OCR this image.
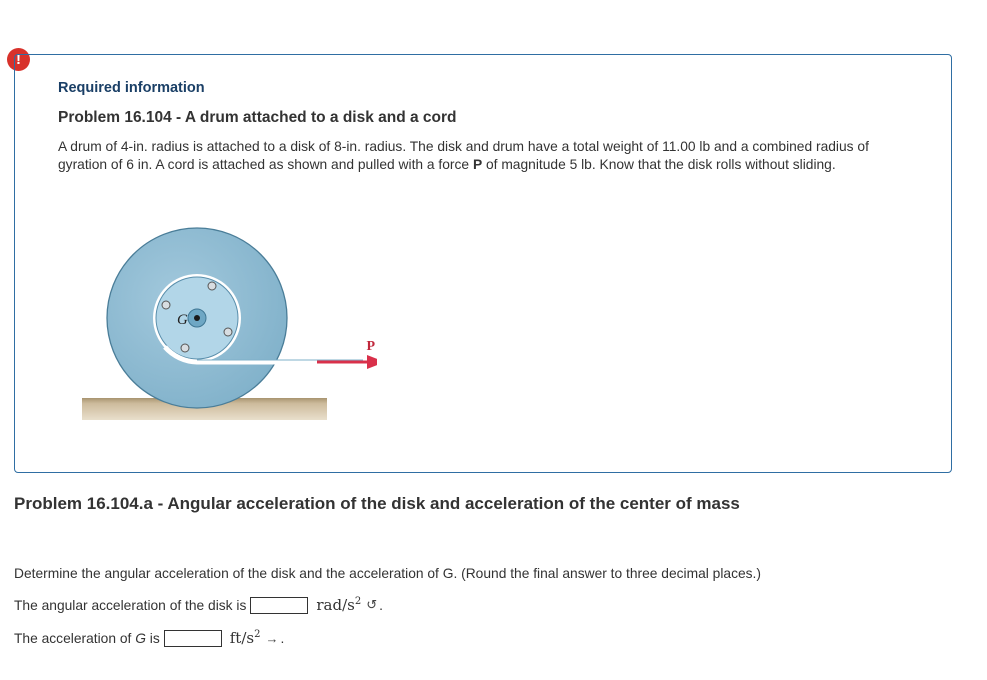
!
Required information
Problem 16.104 - A drum attached to a disk and a cord
A drum of 4-in. radius is attached to a disk of 8-in. radius. The disk and drum have a total weight of 11.00 lb and a combined radius of gyration of 6 in. A cord is attached as shown and pulled with a force P of magnitude 5 lb. Know that the disk rolls without sliding.
P
G
Problem 16.104.a - Angular acceleration of the disk and acceleration of the center of mass
Determine the angular acceleration of the disk and the acceleration of G. (Round the final answer to three decimal places.)
The angular acceleration of the disk is	rad/$s^2$ ↺ .
The acceleration of G is	$ft/s^2$ → .
